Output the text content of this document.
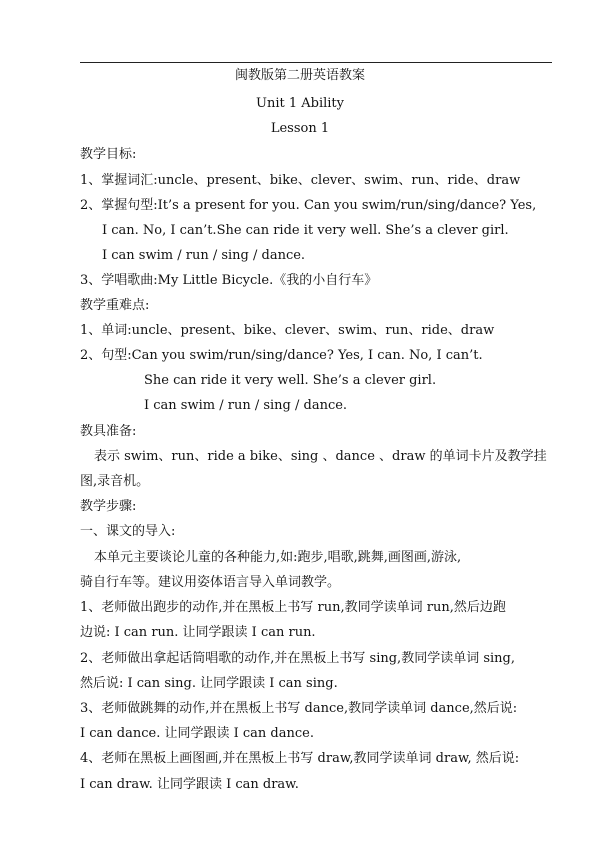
闽教版第二册英语教案
Unit 1 Ability
Lesson 1
教学目标:
1、掌握词汇:uncle、present、bike、clever、swim、run、ride、draw
2、掌握句型:It’s a present for you. Can you swim/run/sing/dance? Yes,
I can. No, I can’t.She can ride it very well. She’s a clever girl.
I can swim / run / sing / dance.
3、学唱歌曲:My Little Bicycle.《我的小自行车》
教学重难点:
1、单词:uncle、present、bike、clever、swim、run、ride、draw
2、句型:Can you swim/run/sing/dance? Yes, I can. No, I can’t.
She can ride it very well. She’s a clever girl.
I can swim / run / sing / dance.
教具准备:
表示 swim、run、ride a bike、sing 、dance 、draw 的单词卡片及教学挂
图,录音机。
教学步骤:
一、课文的导入:
本单元主要谈论儿童的各种能力,如:跑步,唱歌,跳舞,画图画,游泳,
骑自行车等。建议用姿体语言导入单词教学。
1、老师做出跑步的动作,并在黑板上书写 run,教同学读单词 run,然后边跑
边说: I can run. 让同学跟读 I can run.
2、老师做出拿起话筒唱歌的动作,并在黑板上书写 sing,教同学读单词 sing,
然后说: I can sing. 让同学跟读 I can sing.
3、老师做跳舞的动作,并在黑板上书写 dance,教同学读单词 dance,然后说:
I can dance. 让同学跟读 I can dance.
4、老师在黑板上画图画,并在黑板上书写 draw,教同学读单词 draw, 然后说:
I can draw. 让同学跟读 I can draw.
